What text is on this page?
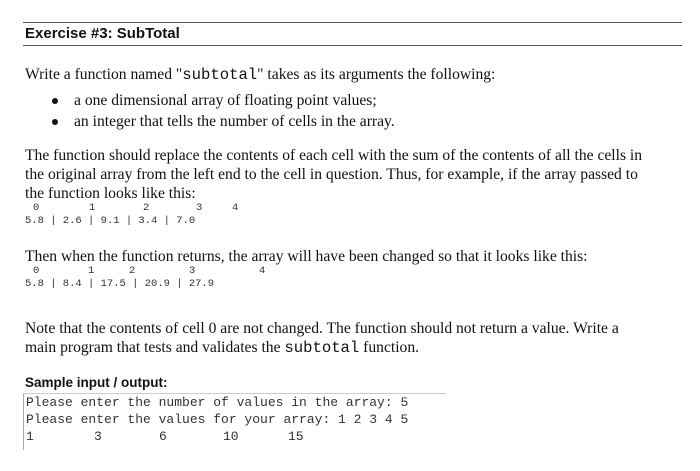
Exercise #3: SubTotal

Write a function named "subtotal" takes as its arguments the following:

a one dimensional array of floating point values;
an integer that tells the number of cells in the array.
The function should replace the contents of each cell with the sum of the contents of all the cells in
the original array from the left end to the cell in question. Thus, for example, if the array passed to
the function looks like this:
0	1	2	3	4
5.8 | 2.6 | 9.1 | 3.4 | 7.0

Then when the function returns, the array will have been changed so that it looks like this:

0	1	2	3	4
5.8 | 8.4 | 17.5 | 20.9 | 27.9
Note that the contents of cell 0 are not changed. The function should not return a value. Write a
main program that tests and validates the subtotal function.
Sample input / output:
Please enter the number of values in the array: 5
Please enter the values for your array: 1 2 3 4 5
1	3	6	10	15
